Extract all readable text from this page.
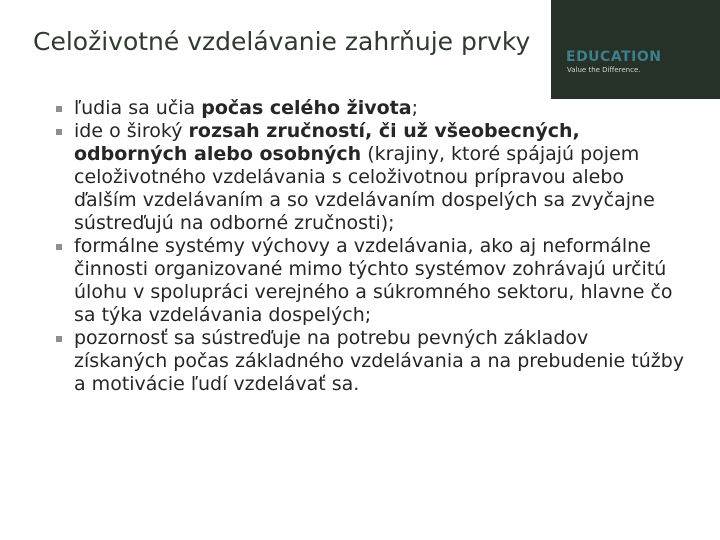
Celoživotné vzdelávanie zahrňuje prvky
EDUCATION
Value the Difference.
ľudia sa učia počas celého života;
ide o široký rozsah zručností, či už všeobecných, odborných alebo osobných (krajiny, ktoré spájajú pojem celoživotného vzdelávania s celoživotnou prípravou alebo ďalším vzdelávaním a so vzdelávaním dospelých sa zvyčajne sústreďujú na odborné zručnosti);
formálne systémy výchovy a vzdelávania, ako aj neformálne činnosti organizované mimo týchto systémov zohrávajú určitú úlohu v spolupráci verejného a súkromného sektoru, hlavne čo sa týka vzdelávania dospelých;
pozornosť sa sústreďuje na potrebu pevných základov získaných počas základného vzdelávania a na prebudenie túžby a motivácie ľudí vzdelávať sa.
